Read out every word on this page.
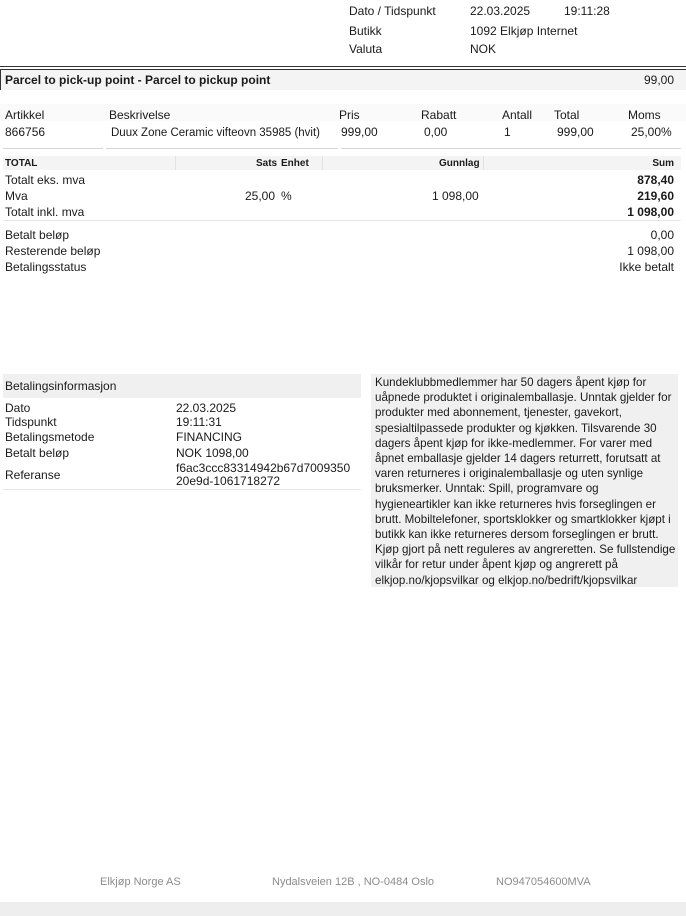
Dato / Tidspunkt	22.03.2025	19:11:28
Butikk	1092 Elkjøp Internet
Valuta	NOK
Parcel to pick-up point - Parcel to pickup point	99,00
Artikkel	Beskrivelse	Pris	Rabatt	Antall Total	Moms
866756	Duux Zone Ceramic vifteovn 35985 (hvit) 999,00	0,00	1	999,00	25,00%
TOTAL	Sats Enhet	Gunnlag	Sum
Totalt eks. mva	878,40
Mva	25,00 %	1 098,00	219,60
Totalt inkl. mva	1 098,00
Betalt beløp	0,00
Resterende beløp	1 098,00
Betalingsstatus	Ikke betalt
Betalingsinformasjon
Dato	22.03.2025
Tidspunkt	19:11:31
Betalingsmetode	FINANCING
Betalt beløp	NOK 1098,00
Referanse	f6ac3ccc83314942b67d7009350
20e9d-1061718272
Kundeklubbmedlemmer har 50 dagers åpent kjøp for uåpnede produktet i originalemballasje. Unntak gjelder for produkter med abonnement, tjenester, gavekort, spesialtilpassede produkter og kjøkken. Tilsvarende 30 dagers åpent kjøp for ikke-medlemmer. For varer med åpnet emballasje gjelder 14 dagers returrett, forutsatt at varen returneres i originalemballasje og uten synlige bruksmerker. Unntak: Spill, programvare og hygieneartikler kan ikke returneres hvis forseglingen er brutt. Mobiltelefoner, sportsklokker og smartklokker kjøpt i butikk kan ikke returneres dersom forseglingen er brutt. Kjøp gjort på nett reguleres av angreretten. Se fullstendige vilkår for retur under åpent kjøp og angrerett på elkjop.no/kjopsvilkar og elkjop.no/bedrift/kjopsvilkar
Elkjøp Norge AS	Nydalsveien 12B , NO-0484 Oslo	NO947054600MVA
